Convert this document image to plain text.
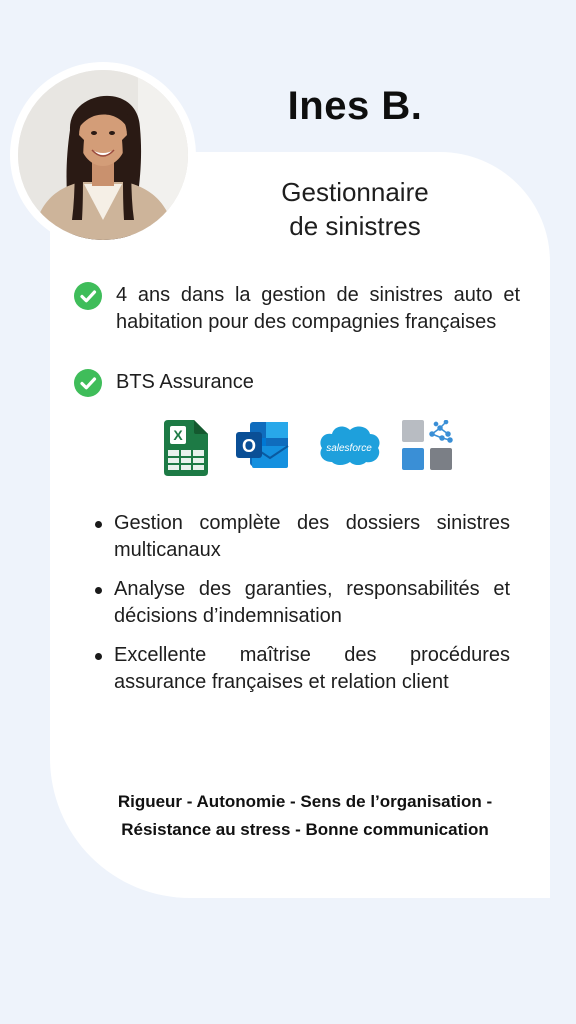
Ines B.
Gestionnaire
de sinistres
4 ans dans la gestion de sinistres auto et habitation pour des compagnies françaises
BTS Assurance
X
O	salesforce
Gestion complète des dossiers sinistres multicanaux
Analyse des garanties, responsabilités et décisions d’indemnisation
Excellente maîtrise des procédures assurance françaises et relation client
Rigueur - Autonomie - Sens de l’organisation -
Résistance au stress - Bonne communication
